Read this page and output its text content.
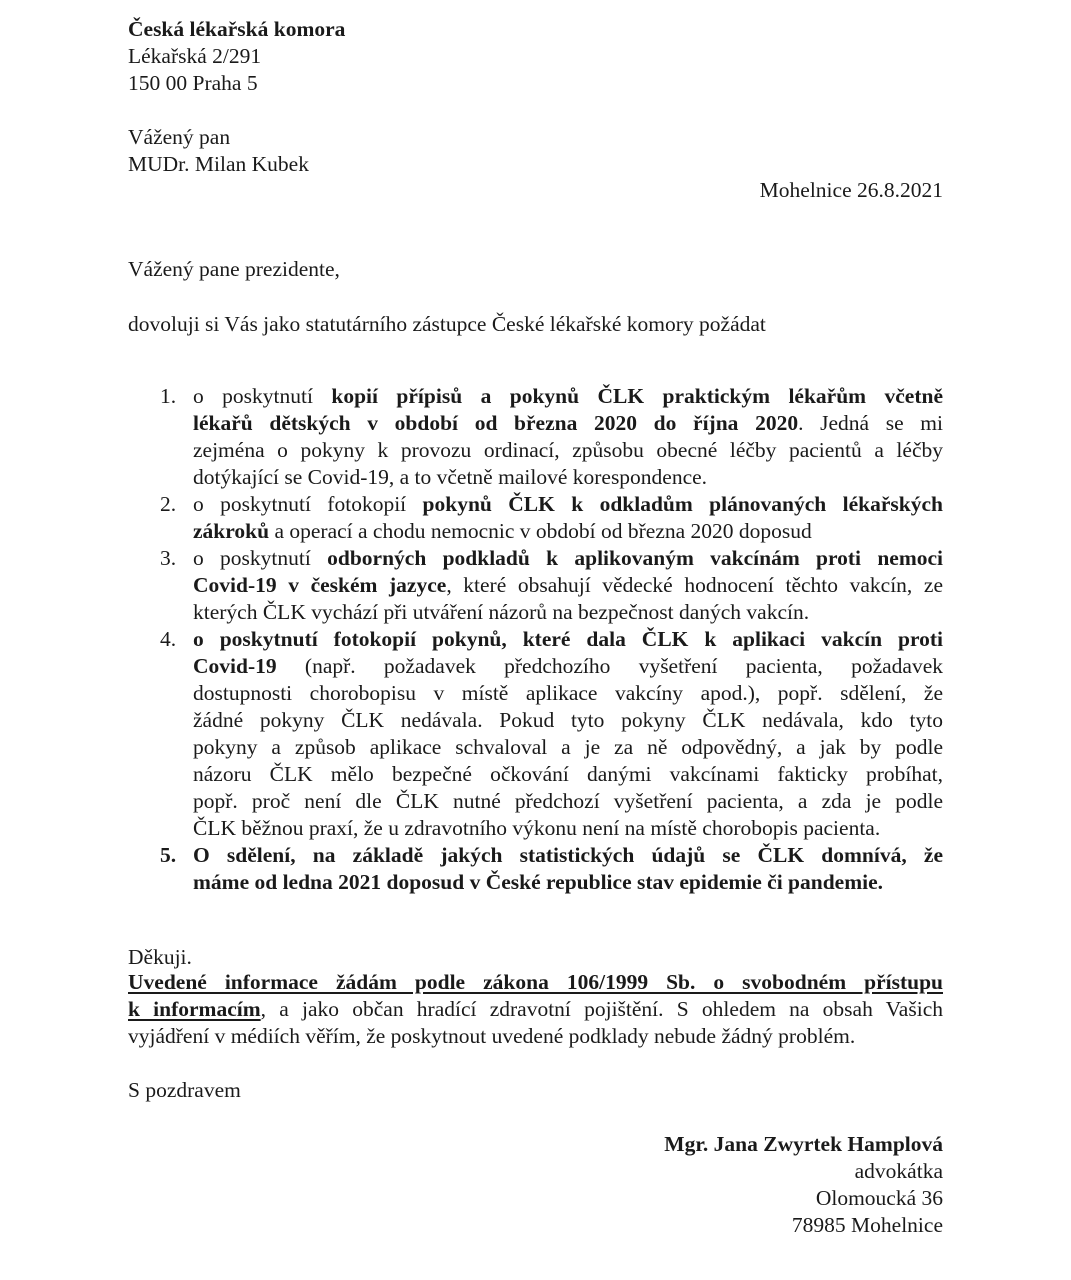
Česká lékařská komora
Lékařská 2/291
150 00 Praha 5
Vážený pan
MUDr. Milan Kubek
Mohelnice 26.8.2021
Vážený pane prezidente,
dovoluji si Vás jako statutárního zástupce České lékařské komory požádat
1. o poskytnutí kopií přípisů a pokynů ČLK praktickým lékařům včetně
lékařů dětských v období od března 2020 do října 2020. Jedná se mi
zejména o pokyny k provozu ordinací, způsobu obecné léčby pacientů a léčby
dotýkající se Covid-19, a to včetně mailové korespondence.
2. o poskytnutí fotokopií pokynů ČLK k odkladům plánovaných lékařských
zákroků a operací a chodu nemocnic v období od března 2020 doposud
3. o poskytnutí odborných podkladů k aplikovaným vakcínám proti nemoci
Covid-19 v českém jazyce, které obsahují vědecké hodnocení těchto vakcín, ze
kterých ČLK vychází při utváření názorů na bezpečnost daných vakcín.
4. o poskytnutí fotokopií pokynů, které dala ČLK k aplikaci vakcín proti
Covid-19 (např. požadavek předchozího vyšetření pacienta, požadavek
dostupnosti chorobopisu v místě aplikace vakcíny apod.), popř. sdělení, že
žádné pokyny ČLK nedávala. Pokud tyto pokyny ČLK nedávala, kdo tyto
pokyny a způsob aplikace schvaloval a je za ně odpovědný, a jak by podle
názoru ČLK mělo bezpečné očkování danými vakcínami fakticky probíhat,
popř. proč není dle ČLK nutné předchozí vyšetření pacienta, a zda je podle
ČLK běžnou praxí, že u zdravotního výkonu není na místě chorobopis pacienta.
5. O sdělení, na základě jakých statistických údajů se ČLK domnívá, že
máme od ledna 2021 doposud v České republice stav epidemie či pandemie.
Děkuji.
Uvedené informace žádám podle zákona 106/1999 Sb. o svobodném přístupu
k informacím, a jako občan hradící zdravotní pojištění. S ohledem na obsah Vašich
vyjádření v médiích věřím, že poskytnout uvedené podklady nebude žádný problém.
S pozdravem
Mgr. Jana Zwyrtek Hamplová
advokátka
Olomoucká 36
78985 Mohelnice
